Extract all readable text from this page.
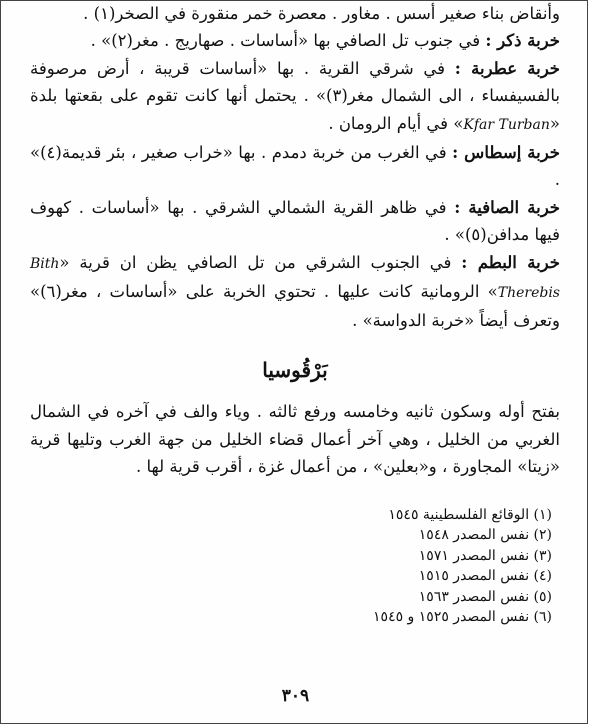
وأنقاض بناء صغير أسس . مغاور . معصرة خمر منقورة في الصخر(١) .

خربة ذكر : في جنوب تل الصافي بها «أساسات . صهاريج . مغر(٢)» .

خربة عطربة : في شرقي القرية . بها «أساسات قريبة ، أرض مرصوفة بالفسيفساء ، الى الشمال مغر(٣)» . يحتمل أنها كانت تقوم على بقعتها بلدة «Kfar Turban» في أيام الرومان .

خربة إسطاس : في الغرب من خربة دمدم . بها «خراب صغير ، بئر قديمة(٤)» .

خربة الصافية : في ظاهر القرية الشمالي الشرقي . بها «أساسات . كهوف فيها مدافن(٥)» .

خربة البطم : في الجنوب الشرقي من تل الصافي يظن ان قرية «Bith Therebis» الرومانية كانت عليها . تحتوي الخربة على «أساسات ، مغر(٦)» وتعرف أيضاً «خربة الدواسة» .

بَرْقُوسيا

بفتح أوله وسكون ثانيه وخامسه ورفع ثالثه . وياء والف في آخره في الشمال الغربي من الخليل ، وهي آخر أعمال قضاء الخليل من جهة الغرب وتليها قرية «زيتا» المجاورة ، و«بعلين» ، من أعمال غزة ، أقرب قرية لها .

(١) الوقائع الفلسطينية ١٥٤٥
(٢) نفس المصدر ١٥٤٨
(٣) نفس المصدر ١٥٧١
(٤) نفس المصدر ١٥١٥
(٥) نفس المصدر ١٥٦٣
(٦) نفس المصدر ١٥٢٥ و ١٥٤٥
٣٠٩
